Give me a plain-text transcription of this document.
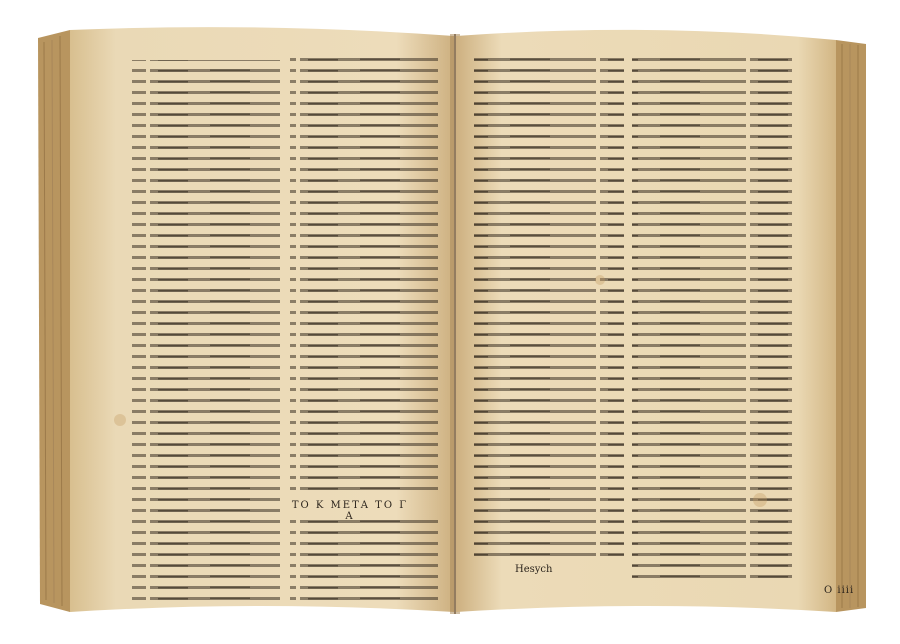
ΤΟ Κ ΜΕΤΑ ΤΟ Γ Α
Hesych
O iiii
